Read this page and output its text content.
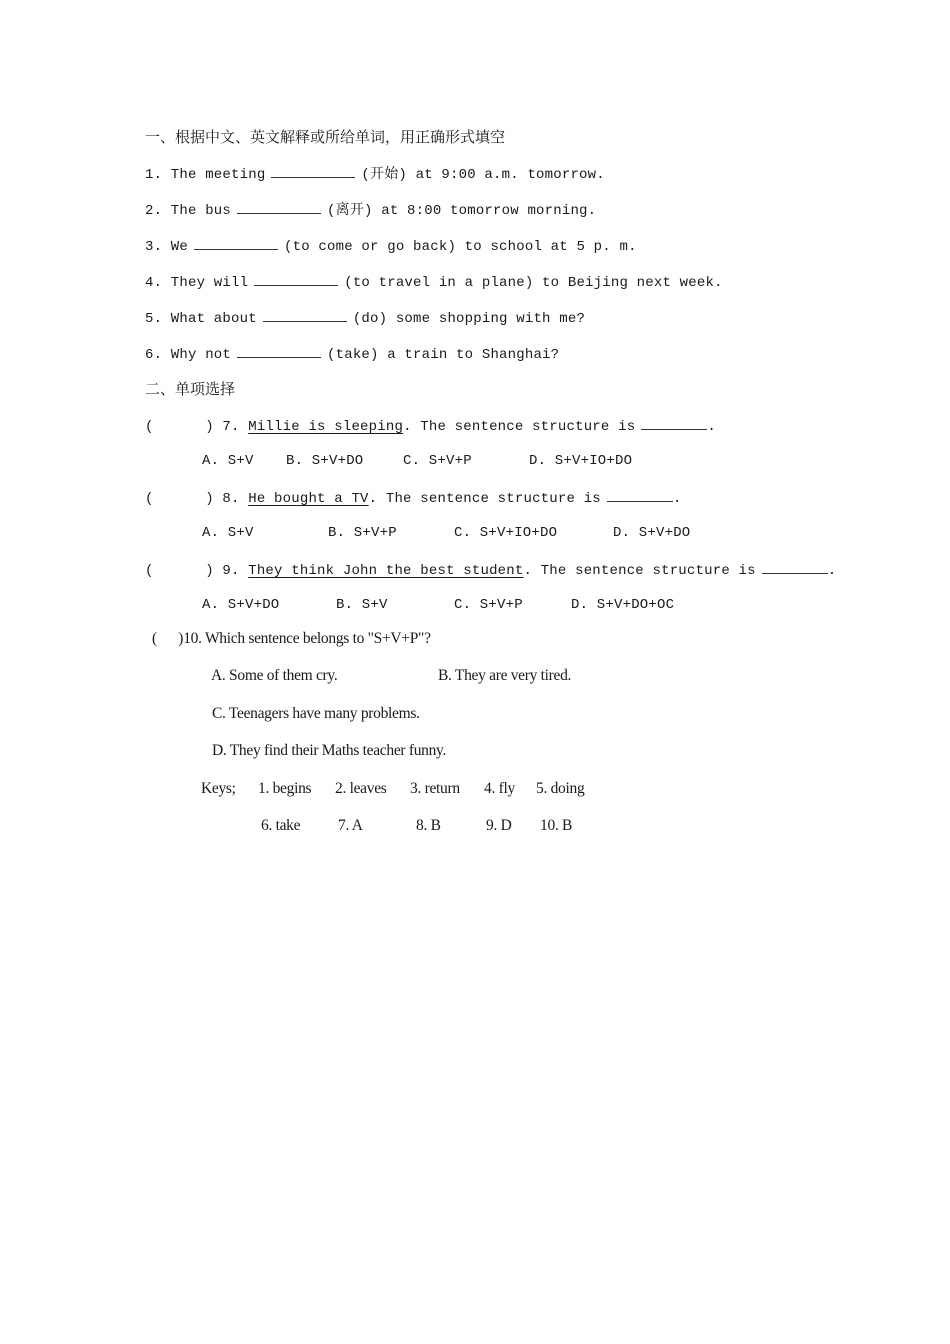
一、根据中文、英文解释或所给单词，用正确形式填空
1. The meeting	(开始) at 9:00 a.m. tomorrow.
2. The bus	(离开) at 8:00 tomorrow morning.
3. We	(to come or go back) to school at 5 p. m.
4. They will	(to travel in a plane) to Beijing next week.
5. What about	(do) some shopping with me?
6. Why not	(take) a train to Shanghai?
二、单项选择
(      ) 7. Millie is sleeping. The sentence structure is	.
A. S+V B. S+V+DO	C. S+V+P	D. S+V+IO+DO
(      ) 8. He bought a TV. The sentence structure is	.
A. S+V	B. S+V+P	C. S+V+IO+DO	D. S+V+DO
(      ) 9. They think John the best student. The sentence structure is	.
A. S+V+DO	B. S+V	C. S+V+P	D. S+V+DO+OC
(      )10. Which sentence belongs to "S+V+P"?
A. Some of them cry.	B. They are very tired.
C. Teenagers have many problems.
D. They find their Maths teacher funny.
Keys; 1. begins 2. leaves 3. return 4. fly 5. doing
6. take 7. A	8. B	9. D 10. B
